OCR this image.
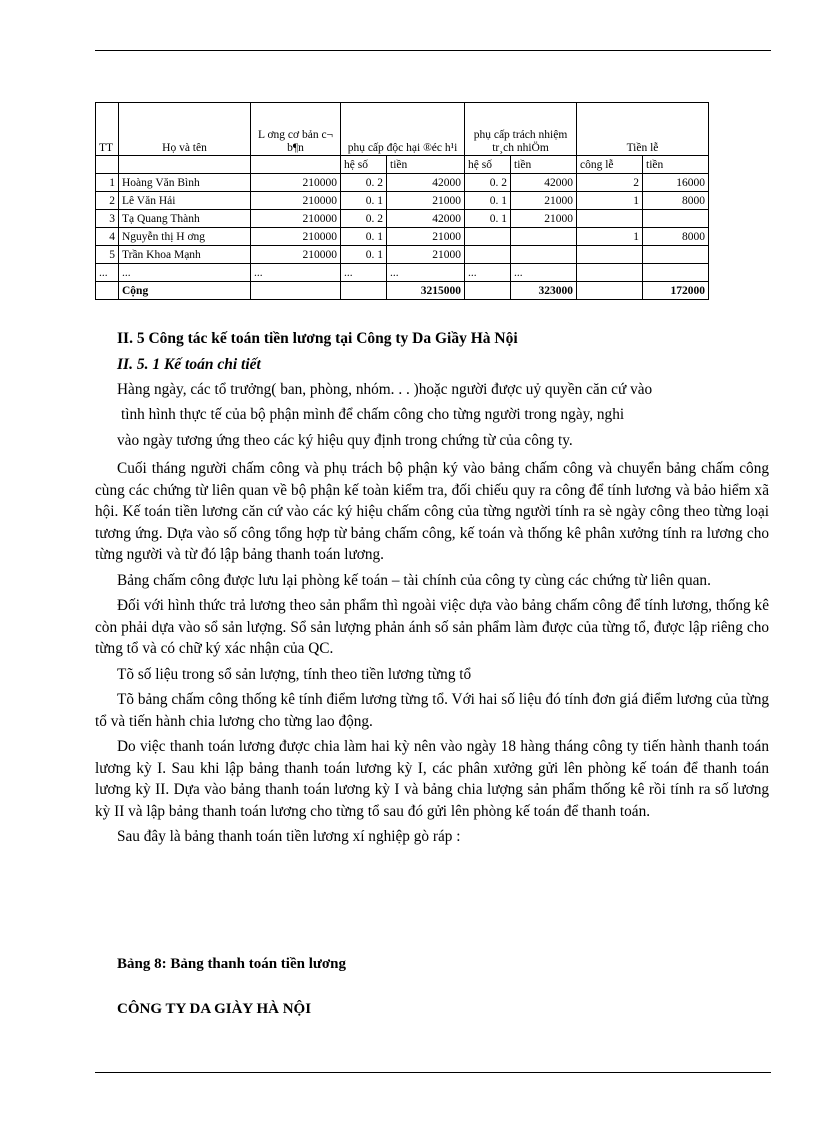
TT	Họ và tên	L ơng cơ bản c¬ b¶n	phụ cấp độc hại ®éc h¹i		phụ cấp trách nhiệm tr¸ch nhiÖm		Tiền lễ	
			hệ số	tiền	hệ số	tiền	công lễ	tiền
1	Hoàng Văn Bình	210000	0. 2	42000	0. 2	42000	2	16000
2	Lê Văn Hải	210000	0. 1	21000	0. 1	21000	1	8000
3	Tạ Quang Thành	210000	0. 2	42000	0. 1	21000		
4	Nguyễn thị H ơng	210000	0. 1	21000			1	8000
5	Trần Khoa Mạnh	210000	0. 1	21000				
...	...	...	...	...	...	...		
	Cộng			3215000		323000		172000
II. 5 Công tác kế toán tiền lương tại Công ty Da Giầy Hà Nội
II. 5. 1 Kế toán chi tiết
Hàng ngày, các tổ trưởng( ban, phòng, nhóm. . . )hoặc người được uỷ quyền căn cứ vào
tình hình thực tế của bộ phận mình để chấm công cho từng người trong ngày, nghi
vào ngày tương ứng theo các ký hiệu quy định trong chứng từ của công ty.

Cuối tháng người chấm công và phụ trách bộ phận ký vào bảng chấm công và chuyển bảng chấm công cùng các chứng từ liên quan về bộ phận kế toàn kiểm tra, đối chiếu quy ra công để tính lương và bảo hiểm xã hội. Kế toán tiền lương căn cứ vào các ký hiệu chấm công của từng người tính ra sè ngày công theo từng loại tương ứng. Dựa vào số công tổng hợp từ bảng chấm công, kế toán và thống kê phân xưởng tính ra lương cho từng người và từ đó lập bảng thanh toán lương.

Bảng chấm công được lưu lại phòng kế toán – tài chính của công ty cùng các chứng từ liên quan.

Đối với hình thức trả lương theo sản phẩm thì ngoài việc dựa vào bảng chấm công để tính lương, thống kê còn phải dựa vào sổ sản lượng. Sổ sản lượng phản ánh số sản phẩm làm được của từng tổ, được lập riêng cho từng tổ và có chữ ký xác nhận của QC.

Tõ số liệu trong sổ sản lượng, tính theo tiền lương từng tổ

Tõ bảng chấm công thống kê tính điểm lương từng tổ. Với hai số liệu đó tính đơn giá điểm lương của từng tổ và tiến hành chia lương cho từng lao động.

Do việc thanh toán lương được chia làm hai kỳ nên vào ngày 18 hàng tháng công ty tiến hành thanh toán lương kỳ I. Sau khi lập bảng thanh toán lương kỳ I, các phân xưởng gửi lên phòng kế toán để thanh toán lương kỳ II. Dựa vào bảng thanh toán lương kỳ I và bảng chia lượng sản phẩm thống kê rồi tính ra số lương kỳ II và lập bảng thanh toán lương cho từng tổ sau đó gửi lên phòng kế toán để thanh toán.

Sau đây là bảng thanh toán tiền lương xí nghiệp gò ráp :

Bảng 8: Bảng thanh toán tiền lương
CÔNG TY DA GIÀY HÀ NỘI
